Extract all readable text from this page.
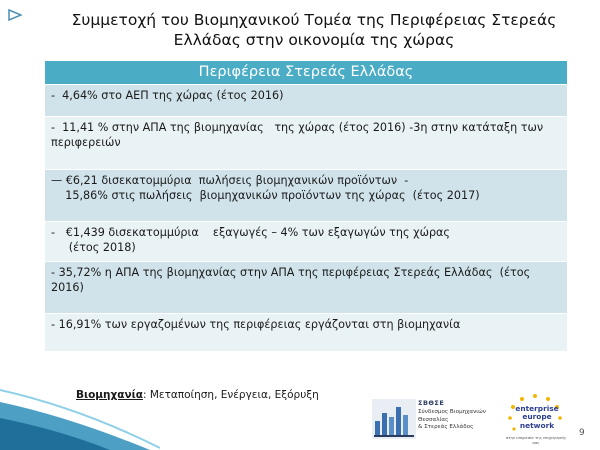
Συμμετοχή του Βιομηχανικού Τομέα της Περιφέρειας Στερεάς
Ελλάδας στην οικονομία της χώρας
Περιφέρεια Στερεάς Ελλάδας
-  4,64% στο ΑΕΠ της χώρας (έτος 2016)
-  11,41 % στην ΑΠΑ της βιομηχανίας   της χώρας (έτος 2016) -3η στην κατάταξη των περιφερειών
— €6,21 δισεκατομμύρια  πωλήσεις βιομηχανικών προϊόντων  -
15,86% στις πωλήσεις  βιομηχανικών προϊόντων της χώρας  (έτος 2017)
-   €1,439 δισεκατομμύρια    εξαγωγές – 4% των εξαγωγών της χώρας
(έτος 2018)
- 35,72% η ΑΠΑ της βιομηχανίας στην ΑΠΑ της περιφέρειας Στερεάς Ελλάδας  (έτος 2016)
- 16,91% των εργαζομένων της περιφέρειας εργάζονται στη βιομηχανία
Βιομηχανία: Μεταποίηση, Ενέργεια, Εξόρυξη
ΣΒΘΣΕ
Σύνδεσμος Βιομηχανιών
Θεσσαλίας
& Στερεάς Ελλάδος
enterprise
europe
network
στην υπηρεσία της επιχείρησής σας
9
